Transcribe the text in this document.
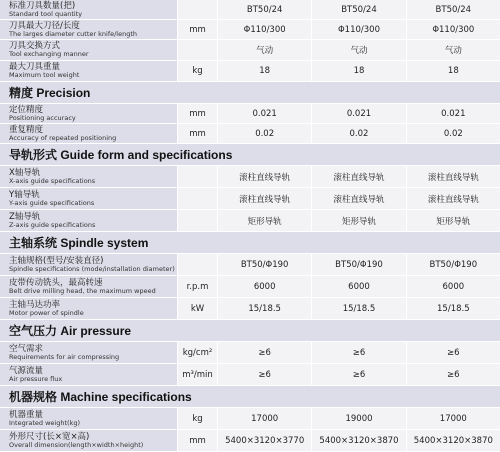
标准刀具数量(把)
Standard tool quantity	BT50/24	BT50/24	BT50/24
刀具最大刀径/长度
The larges diameter cutter knife/length	mm	Φ110/300	Φ110/300	Φ110/300
刀具交换方式
Tool exchanging manner	气动	气动	气动
最大刀具重量
Maximum tool weight	kg	18	18	18
精度 Precision
定位精度
Positioning accuracy	mm	0.021	0.021	0.021
重复精度
Accuracy of repeated positioning	mm	0.02	0.02	0.02
导轨形式 Guide form and specifications
X轴导轨
X-axis guide specifications	滚柱直线导轨	滚柱直线导轨	滚柱直线导轨
Y轴导轨
Y-axis guide specifications	滚柱直线导轨	滚柱直线导轨	滚柱直线导轨
Z轴导轨
Z-axis guide specifications	矩形导轨	矩形导轨	矩形导轨
主轴系统 Spindle system
主轴规格(型号/安装直径)
Spindle specifications (mode/installation diameter)	BT50/Φ190	BT50/Φ190	BT50/Φ190
皮带传动铣头，最高转速
Belt drive milling head, the maximum wpeed	r.p.m	6000	6000	6000
主轴马达功率
Motor power of spindle	kW	15/18.5	15/18.5	15/18.5
空气压力 Air pressure
空气需求
Requirements for air compressing	kg/cm²	≥6	≥6	≥6
气源流量
Air pressure flux	m³/min	≥6	≥6	≥6
机器规格 Machine specifications
机器重量
Integrated weight(kg)	kg	17000	19000	17000
外形尺寸(长×宽×高)
Overall dimension(length×width×height)	mm	5400×3120×3770	5400×3120×3870	5400×3120×3870
